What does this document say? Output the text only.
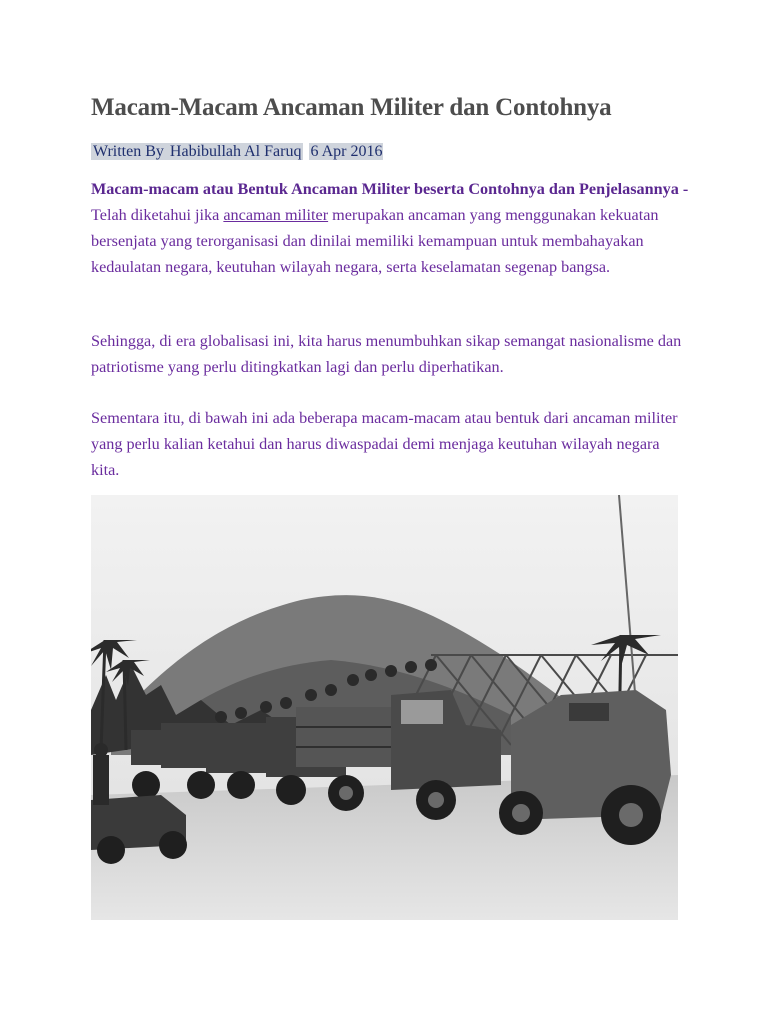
Macam-Macam Ancaman Militer dan Contohnya
Written By Habibullah Al Faruq 6 Apr 2016

Macam-macam atau Bentuk Ancaman Militer beserta Contohnya dan Penjelasannya - Telah diketahui jika ancaman militer merupakan ancaman yang menggunakan kekuatan bersenjata yang terorganisasi dan dinilai memiliki kemampuan untuk membahayakan kedaulatan negara, keutuhan wilayah negara, serta keselamatan segenap bangsa.

Sehingga, di era globalisasi ini, kita harus menumbuhkan sikap semangat nasionalisme dan patriotisme yang perlu ditingkatkan lagi dan perlu diperhatikan.

Sementara itu, di bawah ini ada beberapa macam-macam atau bentuk dari ancaman militer yang perlu kalian ketahui dan harus diwaspadai demi menjaga keutuhan wilayah negara kita.
